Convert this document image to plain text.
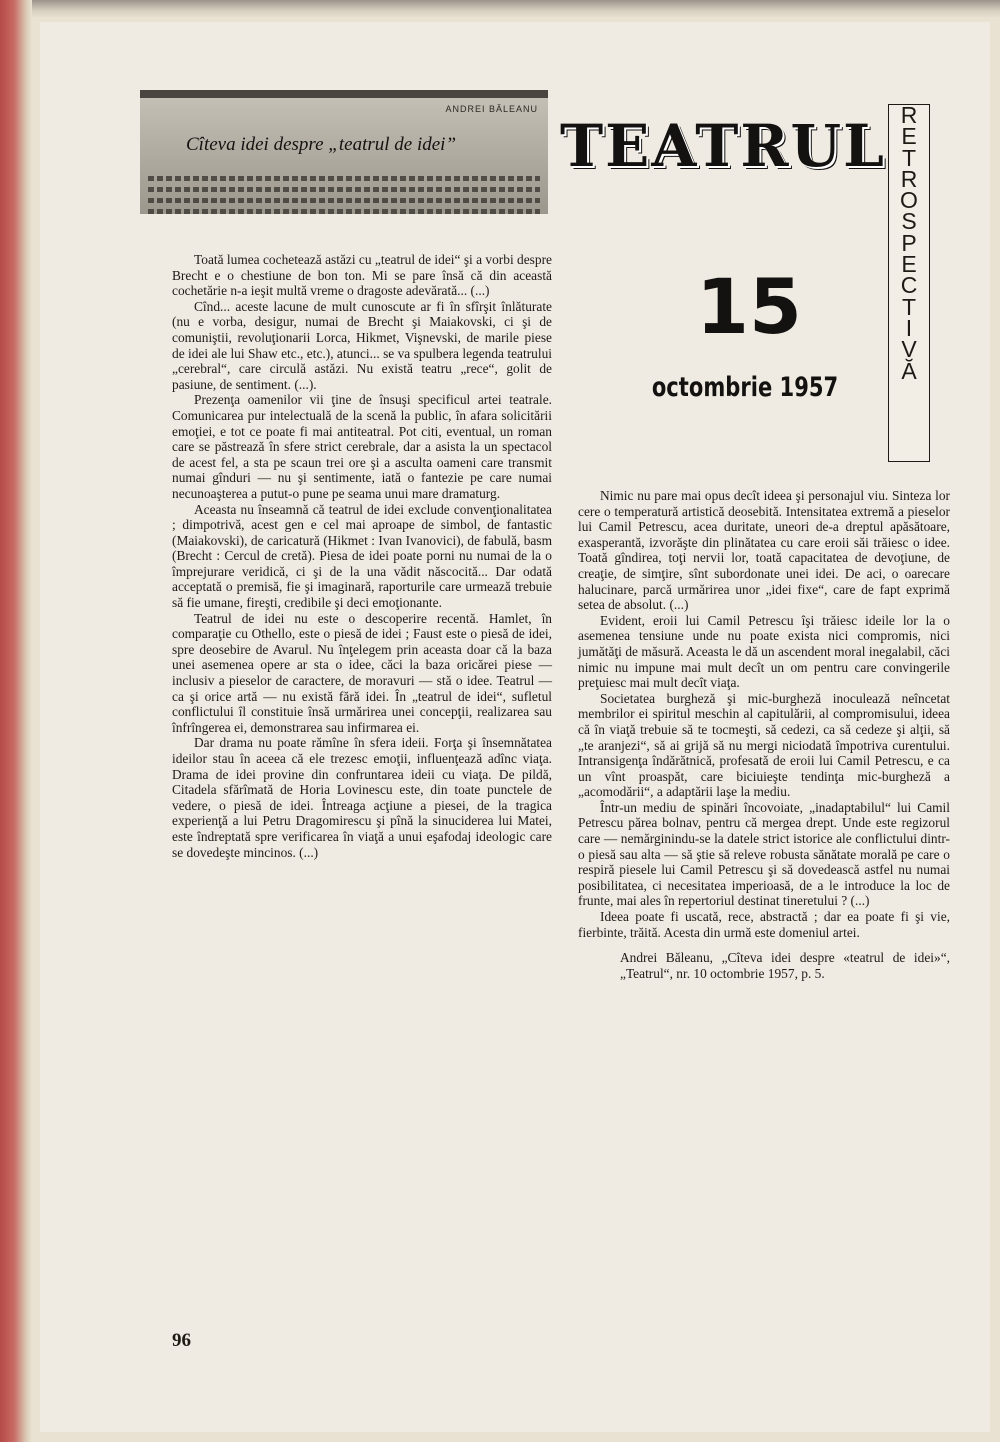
ANDREI BĂLEANU
Cîteva idei despre „teatrul de idei” TEATRUL R
E
T
R
O
S
P
E
C
T
I
V
Ă
15
octombrie 1957

Toată lumea cochetează astăzi cu „teatrul de idei“ şi a vorbi despre Brecht e o chestiune de bon ton. Mi se pare însă că din această cochetărie n-a ieşit multă vreme o dragoste adevărată... (...)

Cînd... aceste lacune de mult cunoscute ar fi în sfîrşit înlăturate (nu e vorba, desigur, numai de Brecht şi Maiakovski, ci şi de comuniştii, revoluţionarii Lorca, Hikmet, Vişnevski, de marile piese de idei ale lui Shaw etc., etc.), atunci... se va spulbera legenda teatrului „cerebral“, care circulă astăzi. Nu există teatru „rece“, golit de pasiune, de sentiment. (...).

Prezenţa oamenilor vii ţine de însuşi specificul artei teatrale. Comunicarea pur intelectuală de la scenă la public, în afara solicitării emoţiei, e tot ce poate fi mai antiteatral. Pot citi, eventual, un roman care se păstrează în sfere strict cerebrale, dar a asista la un spectacol de acest fel, a sta pe scaun trei ore şi a asculta oameni care transmit numai gînduri — nu şi sentimente, iată o fantezie pe care numai necunoaşterea a putut-o pune pe seama unui mare dramaturg.

Aceasta nu înseamnă că teatrul de idei exclude convenţionalitatea ; dimpotrivă, acest gen e cel mai aproape de simbol, de fantastic (Maiakovski), de caricatură (Hikmet : Ivan Ivanovici), de fabulă, basm (Brecht : Cercul de cretă). Piesa de idei poate porni nu numai de la o împrejurare veridică, ci şi de la una vădit născocită... Dar odată acceptată o premisă, fie şi imaginară, raporturile care urmează trebuie să fie umane, fireşti, credibile şi deci emoţionante.

Teatrul de idei nu este o descoperire recentă. Hamlet, în comparaţie cu Othello, este o piesă de idei ; Faust este o piesă de idei, spre deosebire de Avarul. Nu înţelegem prin aceasta doar că la baza unei asemenea opere ar sta o idee, căci la baza oricărei piese — inclusiv a pieselor de caractere, de moravuri — stă o idee. Teatrul — ca şi orice artă — nu există fără idei. În „teatrul de idei“, sufletul conflictului îl constituie însă urmărirea unei concepţii, realizarea sau înfrîngerea ei, demonstrarea sau infirmarea ei.

Dar drama nu poate rămîne în sfera ideii. Forţa şi însemnătatea ideilor stau în aceea că ele trezesc emoţii, influenţează adînc viaţa. Drama de idei provine din confruntarea ideii cu viaţa. De pildă, Citadela sfărîmată de Horia Lovinescu este, din toate punctele de vedere, o piesă de idei. Întreaga acţiune a piesei, de la tragica experienţă a lui Petru Dragomirescu şi pînă la sinuciderea lui Matei, este îndreptată spre verificarea în viaţă a unui eşafodaj ideologic care se dovedeşte mincinos. (...)

Nimic nu pare mai opus decît ideea şi personajul viu. Sinteza lor cere o temperatură artistică deosebită. Intensitatea extremă a pieselor lui Camil Petrescu, acea duritate, uneori de-a dreptul apăsătoare, exasperantă, izvorăşte din plinătatea cu care eroii săi trăiesc o idee. Toată gîndirea, toţi nervii lor, toată capacitatea de devoţiune, de creaţie, de simţire, sînt subordonate unei idei. De aci, o oarecare halucinare, parcă urmărirea unor „idei fixe“, care de fapt exprimă setea de absolut. (...)

Evident, eroii lui Camil Petrescu îşi trăiesc ideile lor la o asemenea tensiune unde nu poate exista nici compromis, nici jumătăţi de măsură. Aceasta le dă un ascendent moral inegalabil, căci nimic nu impune mai mult decît un om pentru care convingerile preţuiesc mai mult decît viaţa.

Societatea burgheză şi mic-burgheză inoculează neîncetat membrilor ei spiritul meschin al capitulării, al compromisului, ideea că în viaţă trebuie să te tocmeşti, să cedezi, ca să cedeze şi alţii, să „te aranjezi“, să ai grijă să nu mergi niciodată împotriva curentului. Intransigenţa îndărătnică, profesată de eroii lui Camil Petrescu, e ca un vînt proaspăt, care biciuieşte tendinţa mic-burgheză a „acomodării“, a adaptării laşe la mediu.

Într-un mediu de spinări încovoiate, „inadaptabilul“ lui Camil Petrescu părea bolnav, pentru că mergea drept. Unde este regizorul care — nemărginindu-se la datele strict istorice ale conflictului dintr-o piesă sau alta — să ştie să releve robusta sănătate morală pe care o respiră piesele lui Camil Petrescu şi să dovedească astfel nu numai posibilitatea, ci necesitatea imperioasă, de a le introduce la loc de frunte, mai ales în repertoriul destinat tineretului ? (...)

Ideea poate fi uscată, rece, abstractă ; dar ea poate fi şi vie, fierbinte, trăită. Acesta din urmă este domeniul artei.

Andrei Băleanu, „Cîteva idei despre «teatrul de idei»“, „Teatrul“, nr. 10 octombrie 1957, p. 5.

96
